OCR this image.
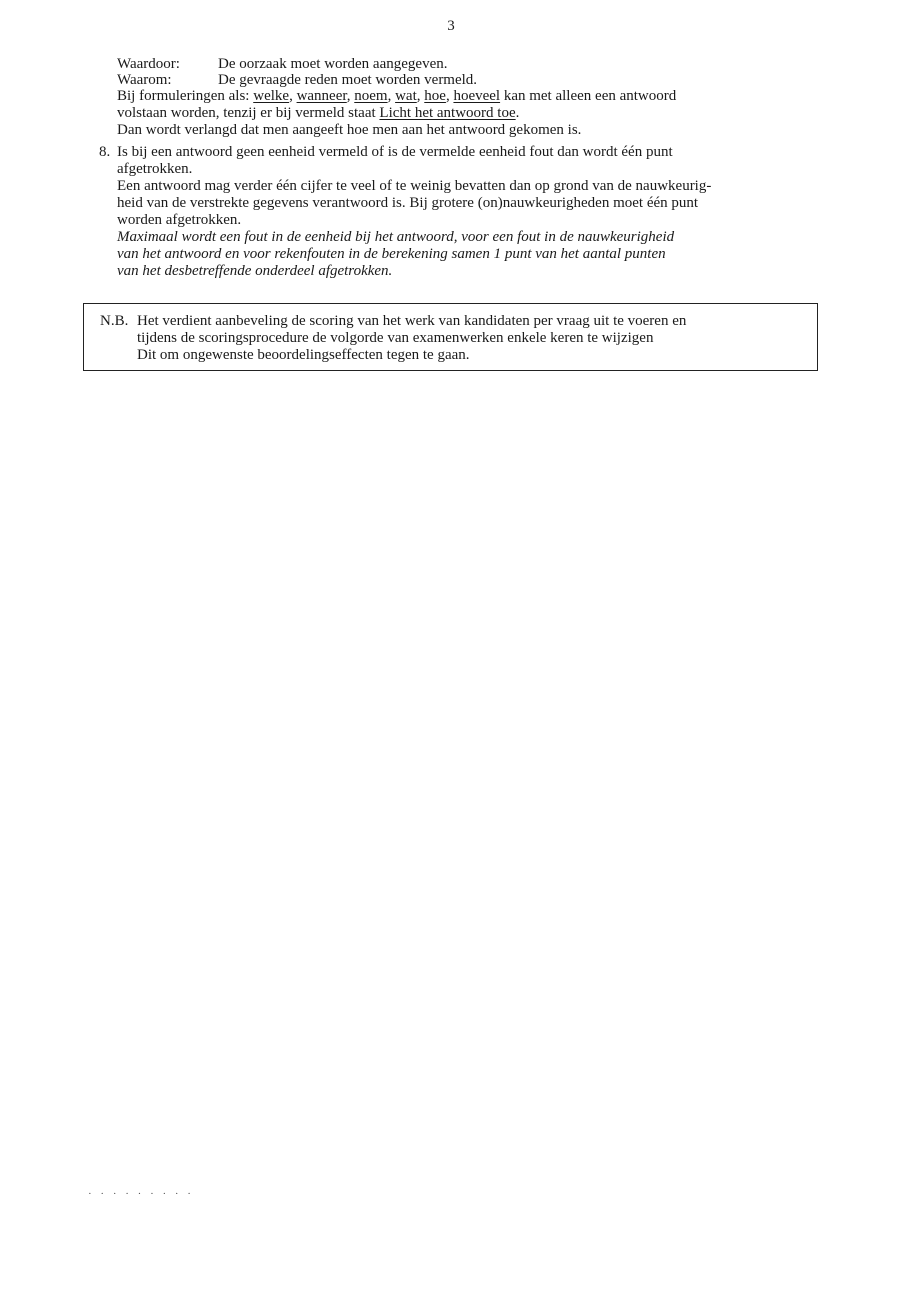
3
Waardoor:	De oorzaak moet worden aangegeven.
Waarom:	De gevraagde reden moet worden vermeld.
Bij formuleringen als: welke, wanneer, noem, wat, hoe, hoeveel kan met alleen een antwoord
volstaan worden, tenzij er bij vermeld staat Licht het antwoord toe.
Dan wordt verlangd dat men aangeeft hoe men aan het antwoord gekomen is.
8. Is bij een antwoord geen eenheid vermeld of is de vermelde eenheid fout dan wordt één punt
afgetrokken.
Een antwoord mag verder één cijfer te veel of te weinig bevatten dan op grond van de nauwkeurig-
heid van de verstrekte gegevens verantwoord is. Bij grotere (on)nauwkeurigheden moet één punt
worden afgetrokken.
Maximaal wordt een fout in de eenheid bij het antwoord, voor een fout in de nauwkeurigheid
van het antwoord en voor rekenfouten in de berekening samen 1 punt van het aantal punten
van het desbetreffende onderdeel afgetrokken.
N.B. Het verdient aanbeveling de scoring van het werk van kandidaten per vraag uit te voeren en
tijdens de scoringsprocedure de volgorde van examenwerken enkele keren te wijzigen
Dit om ongewenste beoordelingseffecten tegen te gaan.
· · · · · · · · ·
